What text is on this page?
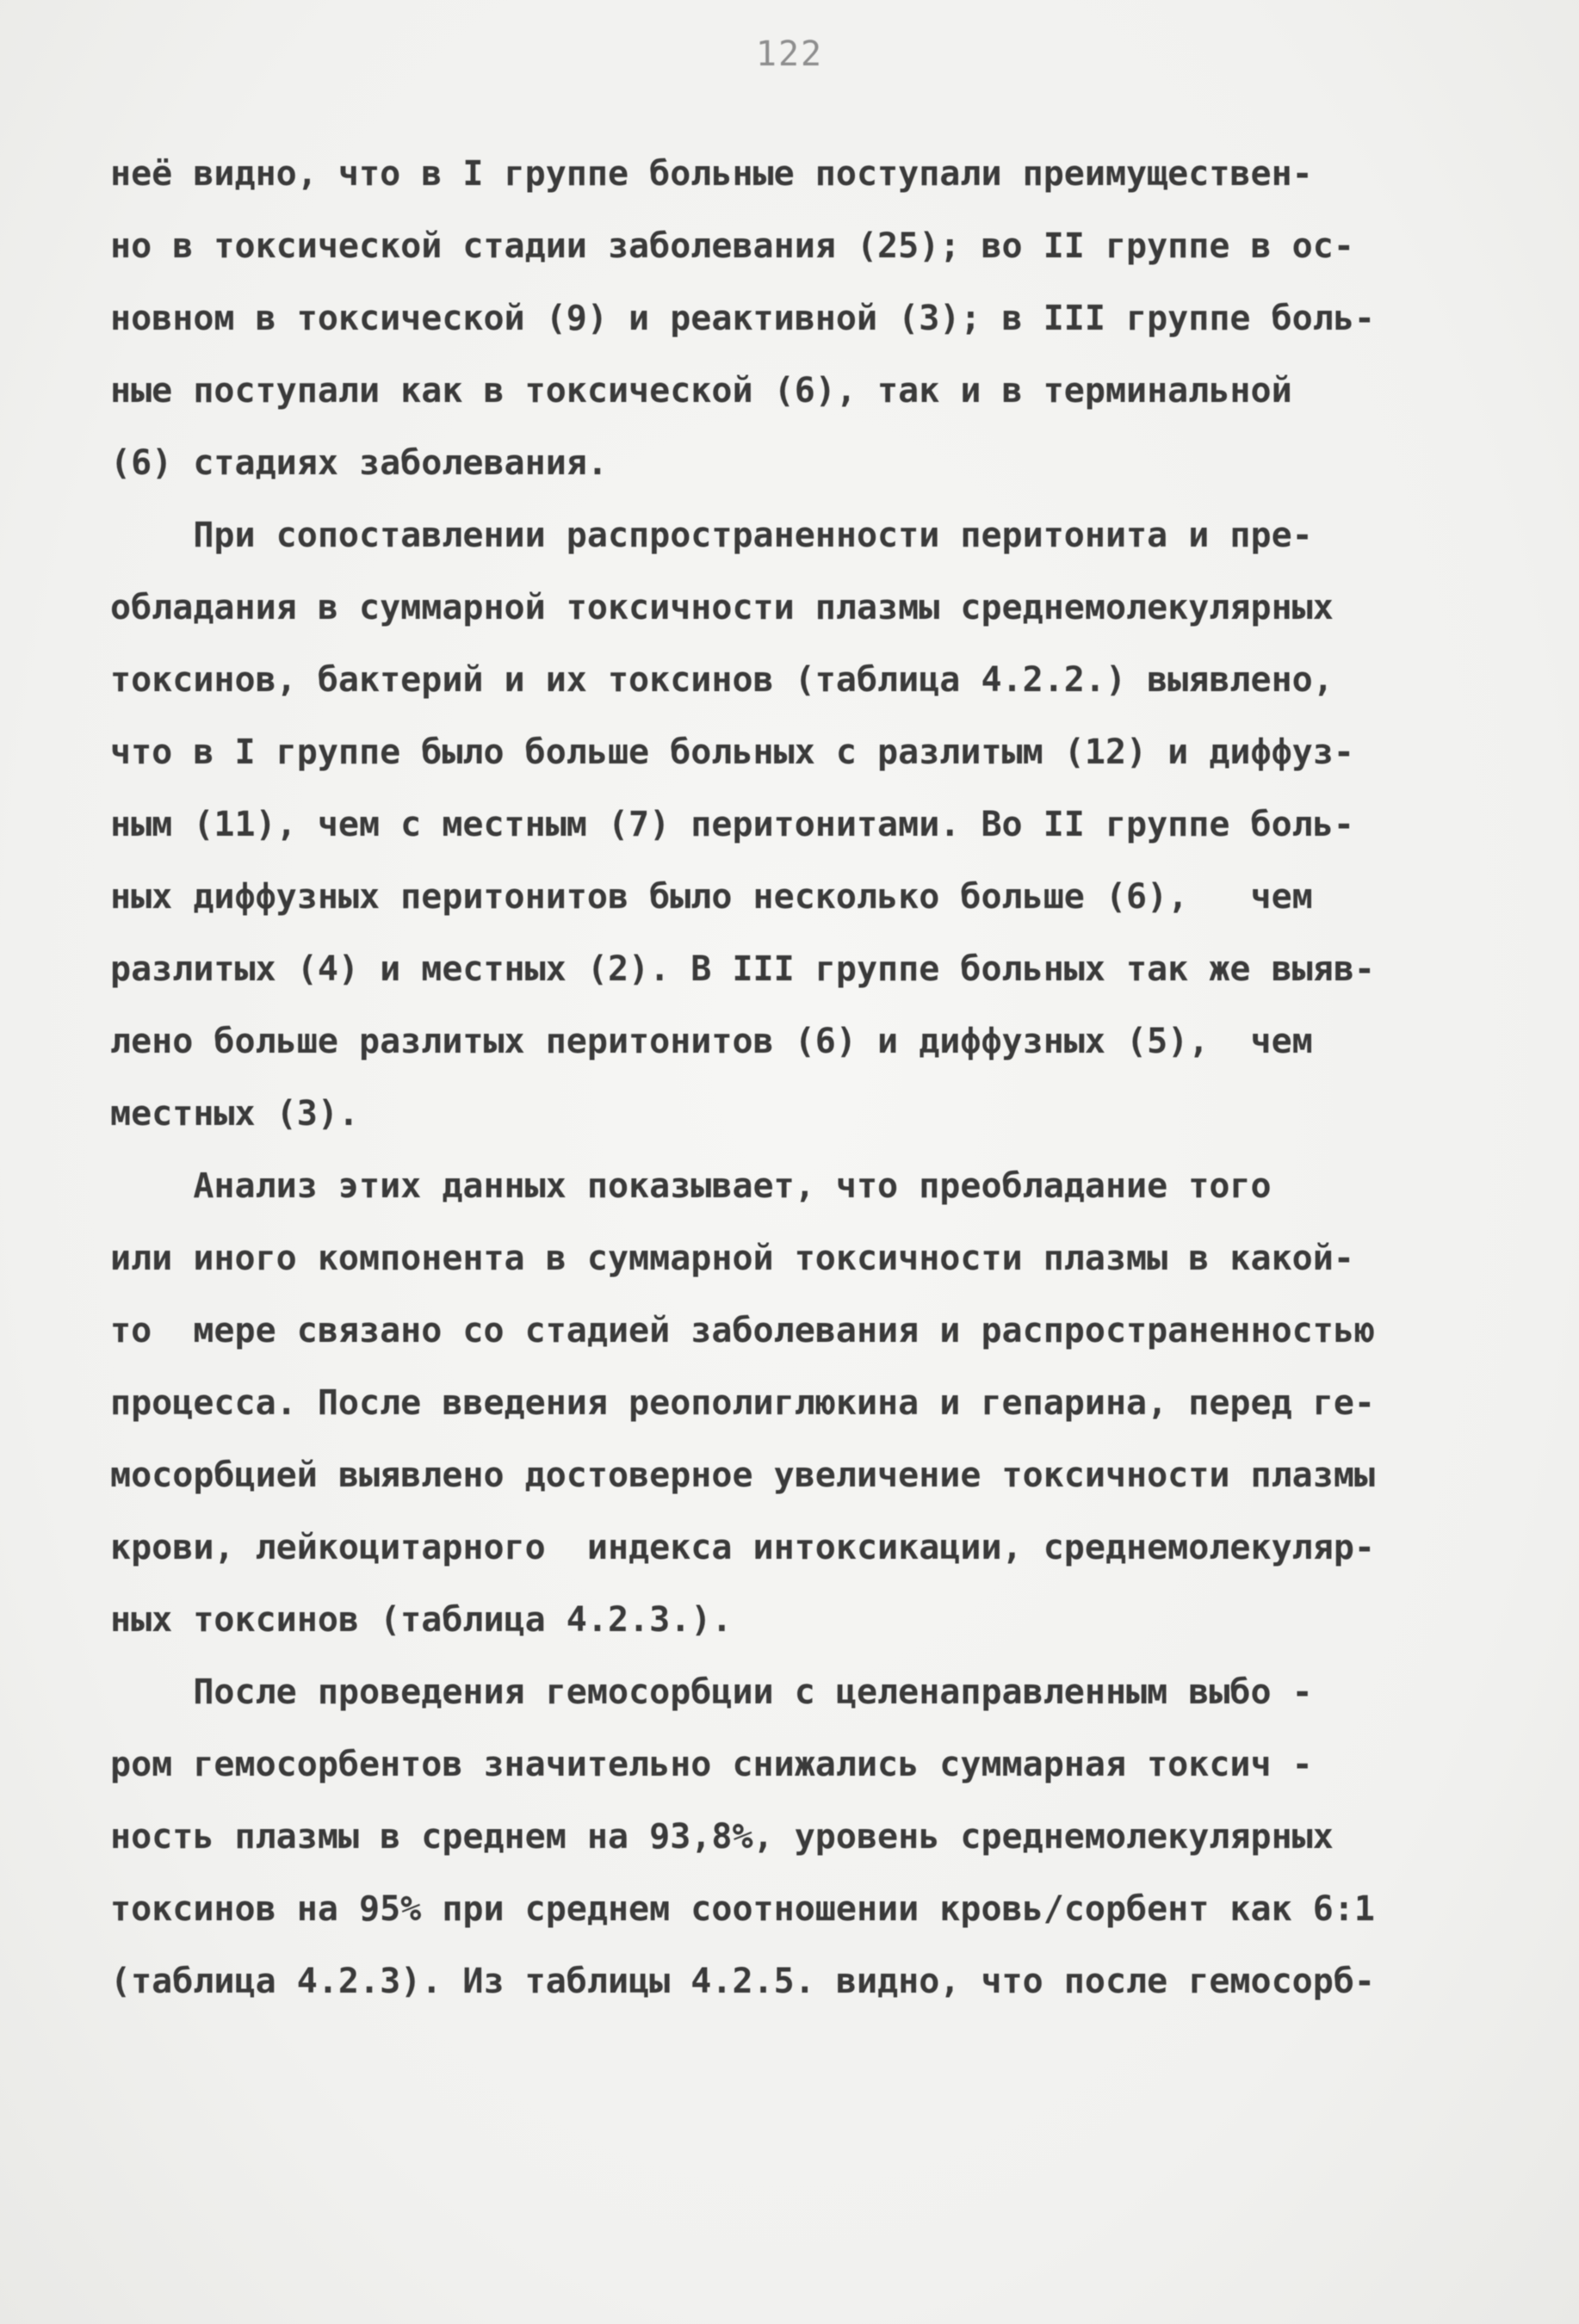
122
неё видно, что в I группе больные поступали преимуществен-
но в токсической стадии заболевания (25); во II группе в ос-
новном в токсической (9) и реактивной (3); в III группе боль-
ные поступали как в токсической (6), так и в терминальной
(6) стадиях заболевания.
При сопоставлении распространенности перитонита и пре-
обладания в суммарной токсичности плазмы среднемолекулярных
токсинов, бактерий и их токсинов (таблица 4.2.2.) выявлено,
что в I группе было больше больных с разлитым (12) и диффуз-
ным (11), чем с местным (7) перитонитами. Во II группе боль-
ных диффузных перитонитов было несколько больше (6),   чем
разлитых (4) и местных (2). В III группе больных так же выяв-
лено больше разлитых перитонитов (6) и диффузных (5),  чем
местных (3).
Анализ этих данных показывает, что преобладание того
или иного компонента в суммарной токсичности плазмы в какой-
то  мере связано со стадией заболевания и распространенностью
процесса. После введения реополиглюкина и гепарина, перед ге-
мосорбцией выявлено достоверное увеличение токсичности плазмы
крови, лейкоцитарного  индекса интоксикации, среднемолекуляр-
ных токсинов (таблица 4.2.3.).
После проведения гемосорбции с целенаправленным выбо -
ром гемосорбентов значительно снижались суммарная токсич -
ность плазмы в среднем на 93,8%, уровень среднемолекулярных
токсинов на 95% при среднем соотношении кровь/сорбент как 6:1
(таблица 4.2.3). Из таблицы 4.2.5. видно, что после гемосорб-
